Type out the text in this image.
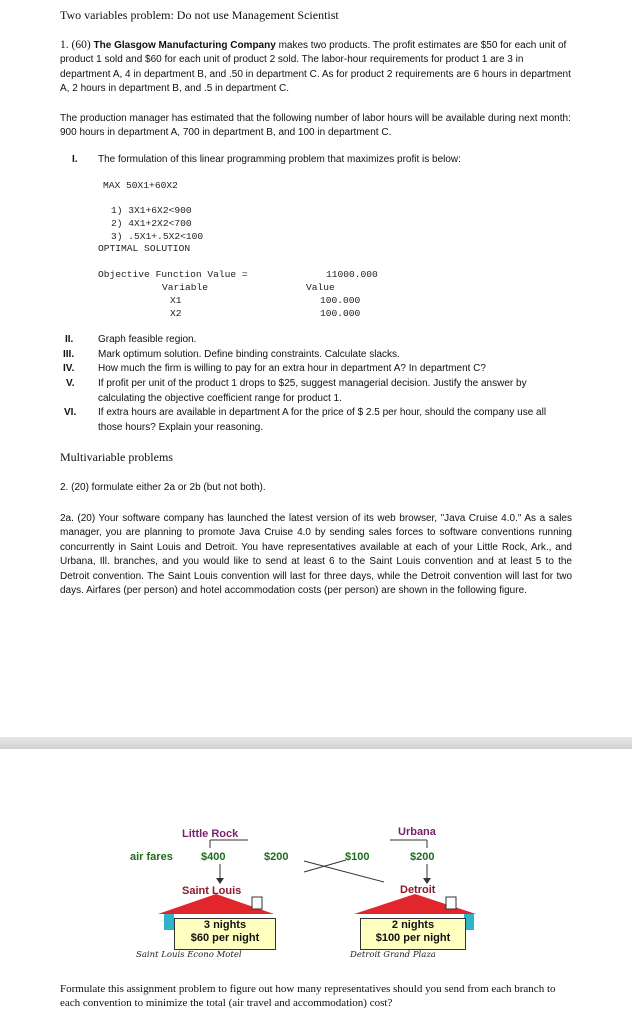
Two variables problem: Do not use Management Scientist
1. (60) The Glasgow Manufacturing Company makes two products. The profit estimates are $50 for each unit of product 1 sold and $60 for each unit of product 2 sold. The labor-hour requirements for product 1 are 3 in department A, 4 in department B, and .50 in department C. As for product 2 requirements are 6 hours in department A, 2 hours in department B, and .5 in department C.
The production manager has estimated that the following number of labor hours will be available during next month: 900 hours in department A, 700 in department B, and 100 in department C.
I. The formulation of this linear programming problem that maximizes profit is below:
MAX 50X1+60X2
1) 3X1+6X2<900
2) 4X1+2X2<700
3) .5X1+.5X2<100
OPTIMAL SOLUTION
Objective Function Value =	11000.000
Variable	Value
X1	100.000
X2	100.000
II. Graph feasible region.
III. Mark optimum solution. Define binding constraints. Calculate slacks.
IV. How much the firm is willing to pay for an extra hour in department A? In department C?
V. If profit per unit of the product 1 drops to $25, suggest managerial decision. Justify the answer by calculating the objective coefficient range for product 1.
VI. If extra hours are available in department A for the price of $ 2.5 per hour, should the company use all those hours? Explain your reasoning.
Multivariable problems
2. (20) formulate either 2a or 2b (but not both).
2a. (20) Your software company has launched the latest version of its web browser, "Java Cruise 4.0." As a sales manager, you are planning to promote Java Cruise 4.0 by sending sales forces to software conventions running concurrently in Saint Louis and Detroit. You have representatives available at each of your Little Rock, Ark., and Urbana, Ill. branches, and you would like to send at least 6 to the Saint Louis convention and at least 5 to the Detroit convention. The Saint Louis convention will last for three days, while the Detroit convention will last for two days. Airfares (per person) and hotel accommodation costs (per person) are shown in the following figure.
Little Rock	Urbana
air fares	$400	$200	$100	$200
Saint Louis	Detroit
3 nights
$60 per night
2 nights
$100 per night
Saint Louis Econo Motel	Detroit Grand Plaza
Formulate this assignment problem to figure out how many representatives should you send from each branch to each convention to minimize the total (air travel and accommodation) cost?
